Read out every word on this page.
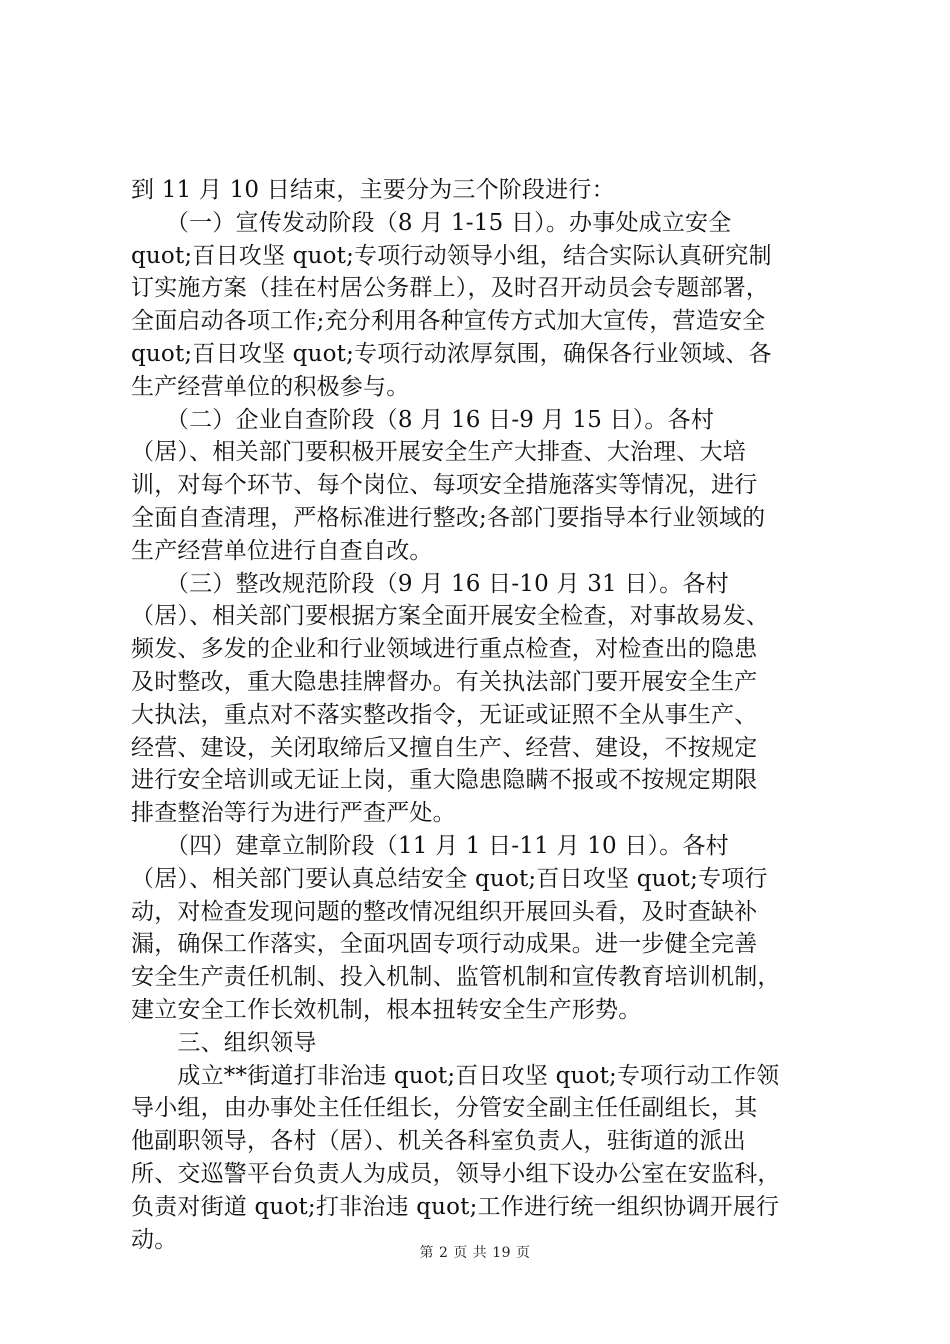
到 11 月 10 日结束，主要分为三个阶段进行：
　　（一）宣传发动阶段（8 月 1-15 日）。办事处成立安全
quot;百日攻坚 quot;专项行动领导小组，结合实际认真研究制
订实施方案（挂在村居公务群上），及时召开动员会专题部署，
全面启动各项工作;充分利用各种宣传方式加大宣传，营造安全
quot;百日攻坚 quot;专项行动浓厚氛围，确保各行业领域、各
生产经营单位的积极参与。
　　（二）企业自查阶段（8 月 16 日-9 月 15 日）。各村
（居）、相关部门要积极开展安全生产大排查、大治理、大培
训，对每个环节、每个岗位、每项安全措施落实等情况，进行
全面自查清理，严格标准进行整改;各部门要指导本行业领域的
生产经营单位进行自查自改。
　　（三）整改规范阶段（9 月 16 日-10 月 31 日）。各村
（居）、相关部门要根据方案全面开展安全检查，对事故易发、
频发、多发的企业和行业领域进行重点检查，对检查出的隐患
及时整改，重大隐患挂牌督办。有关执法部门要开展安全生产
大执法，重点对不落实整改指令，无证或证照不全从事生产、
经营、建设，关闭取缔后又擅自生产、经营、建设，不按规定
进行安全培训或无证上岗，重大隐患隐瞒不报或不按规定期限
排查整治等行为进行严查严处。
　　（四）建章立制阶段（11 月 1 日-11 月 10 日）。各村
（居）、相关部门要认真总结安全 quot;百日攻坚 quot;专项行
动，对检查发现问题的整改情况组织开展回头看，及时查缺补
漏，确保工作落实，全面巩固专项行动成果。进一步健全完善
安全生产责任机制、投入机制、监管机制和宣传教育培训机制，
建立安全工作长效机制，根本扭转安全生产形势。
　　三、组织领导
　　成立**街道打非治违 quot;百日攻坚 quot;专项行动工作领
导小组，由办事处主任任组长，分管安全副主任任副组长，其
他副职领导，各村（居）、机关各科室负责人，驻街道的派出
所、交巡警平台负责人为成员，领导小组下设办公室在安监科，
负责对街道 quot;打非治违 quot;工作进行统一组织协调开展行
动。
第 2 页 共 19 页
